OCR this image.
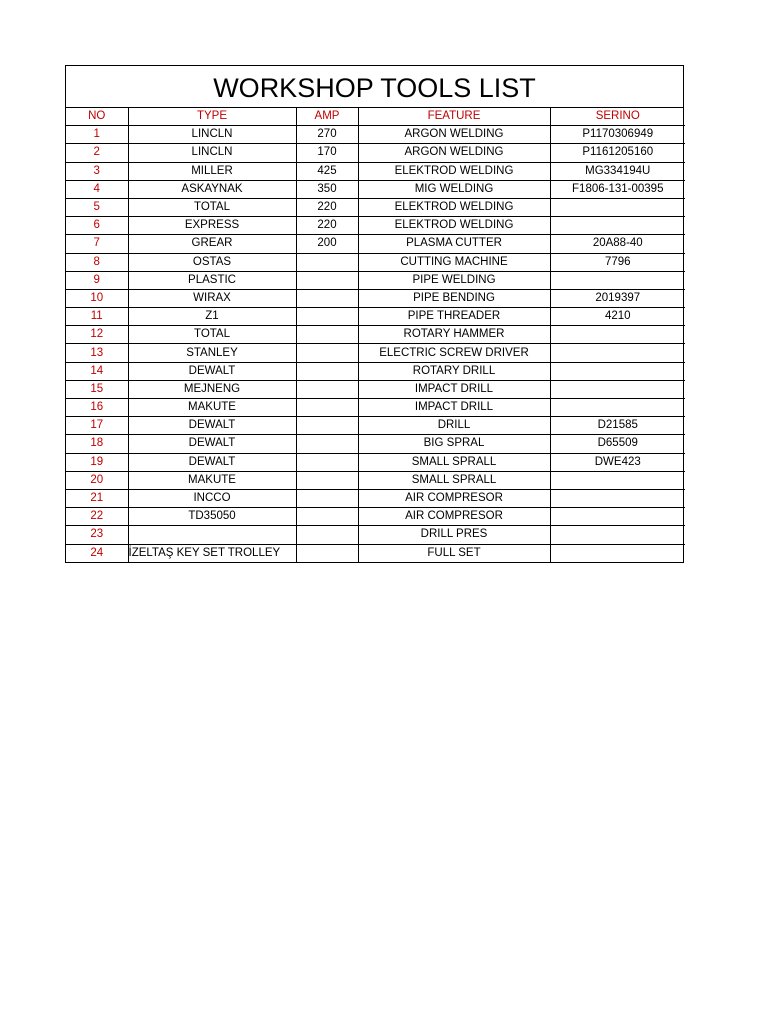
WORKSHOP TOOLS LIST
NO	TYPE	AMP	FEATURE	SERINO
1	LINCLN	270	ARGON WELDING	P1170306949
2	LINCLN	170	ARGON WELDING	P1161205160
3	MILLER	425	ELEKTROD WELDING	MG334194U
4	ASKAYNAK	350	MIG WELDING	F1806-131-00395
5	TOTAL	220	ELEKTROD WELDING	
6	EXPRESS	220	ELEKTROD WELDING	
7	GREAR	200	PLASMA CUTTER	20A88-40
8	OSTAS		CUTTING MACHINE	7796
9	PLASTIC		PIPE WELDING	
10	WIRAX		PIPE BENDING	2019397
11	Z1		PIPE THREADER	4210
12	TOTAL		ROTARY HAMMER	
13	STANLEY		ELECTRIC SCREW DRIVER	
14	DEWALT		ROTARY DRILL	
15	MEJNENG		IMPACT DRILL	
16	MAKUTE		IMPACT DRILL	
17	DEWALT		DRILL	D21585
18	DEWALT		BIG SPRAL	D65509
19	DEWALT		SMALL SPRALL	DWE423
20	MAKUTE		SMALL SPRALL	
21	INCCO		AIR COMPRESOR	
22	TD35050		AIR COMPRESOR	
23			DRILL PRES	
24	İZELTAŞ KEY SET TROLLEY		FULL SET	
